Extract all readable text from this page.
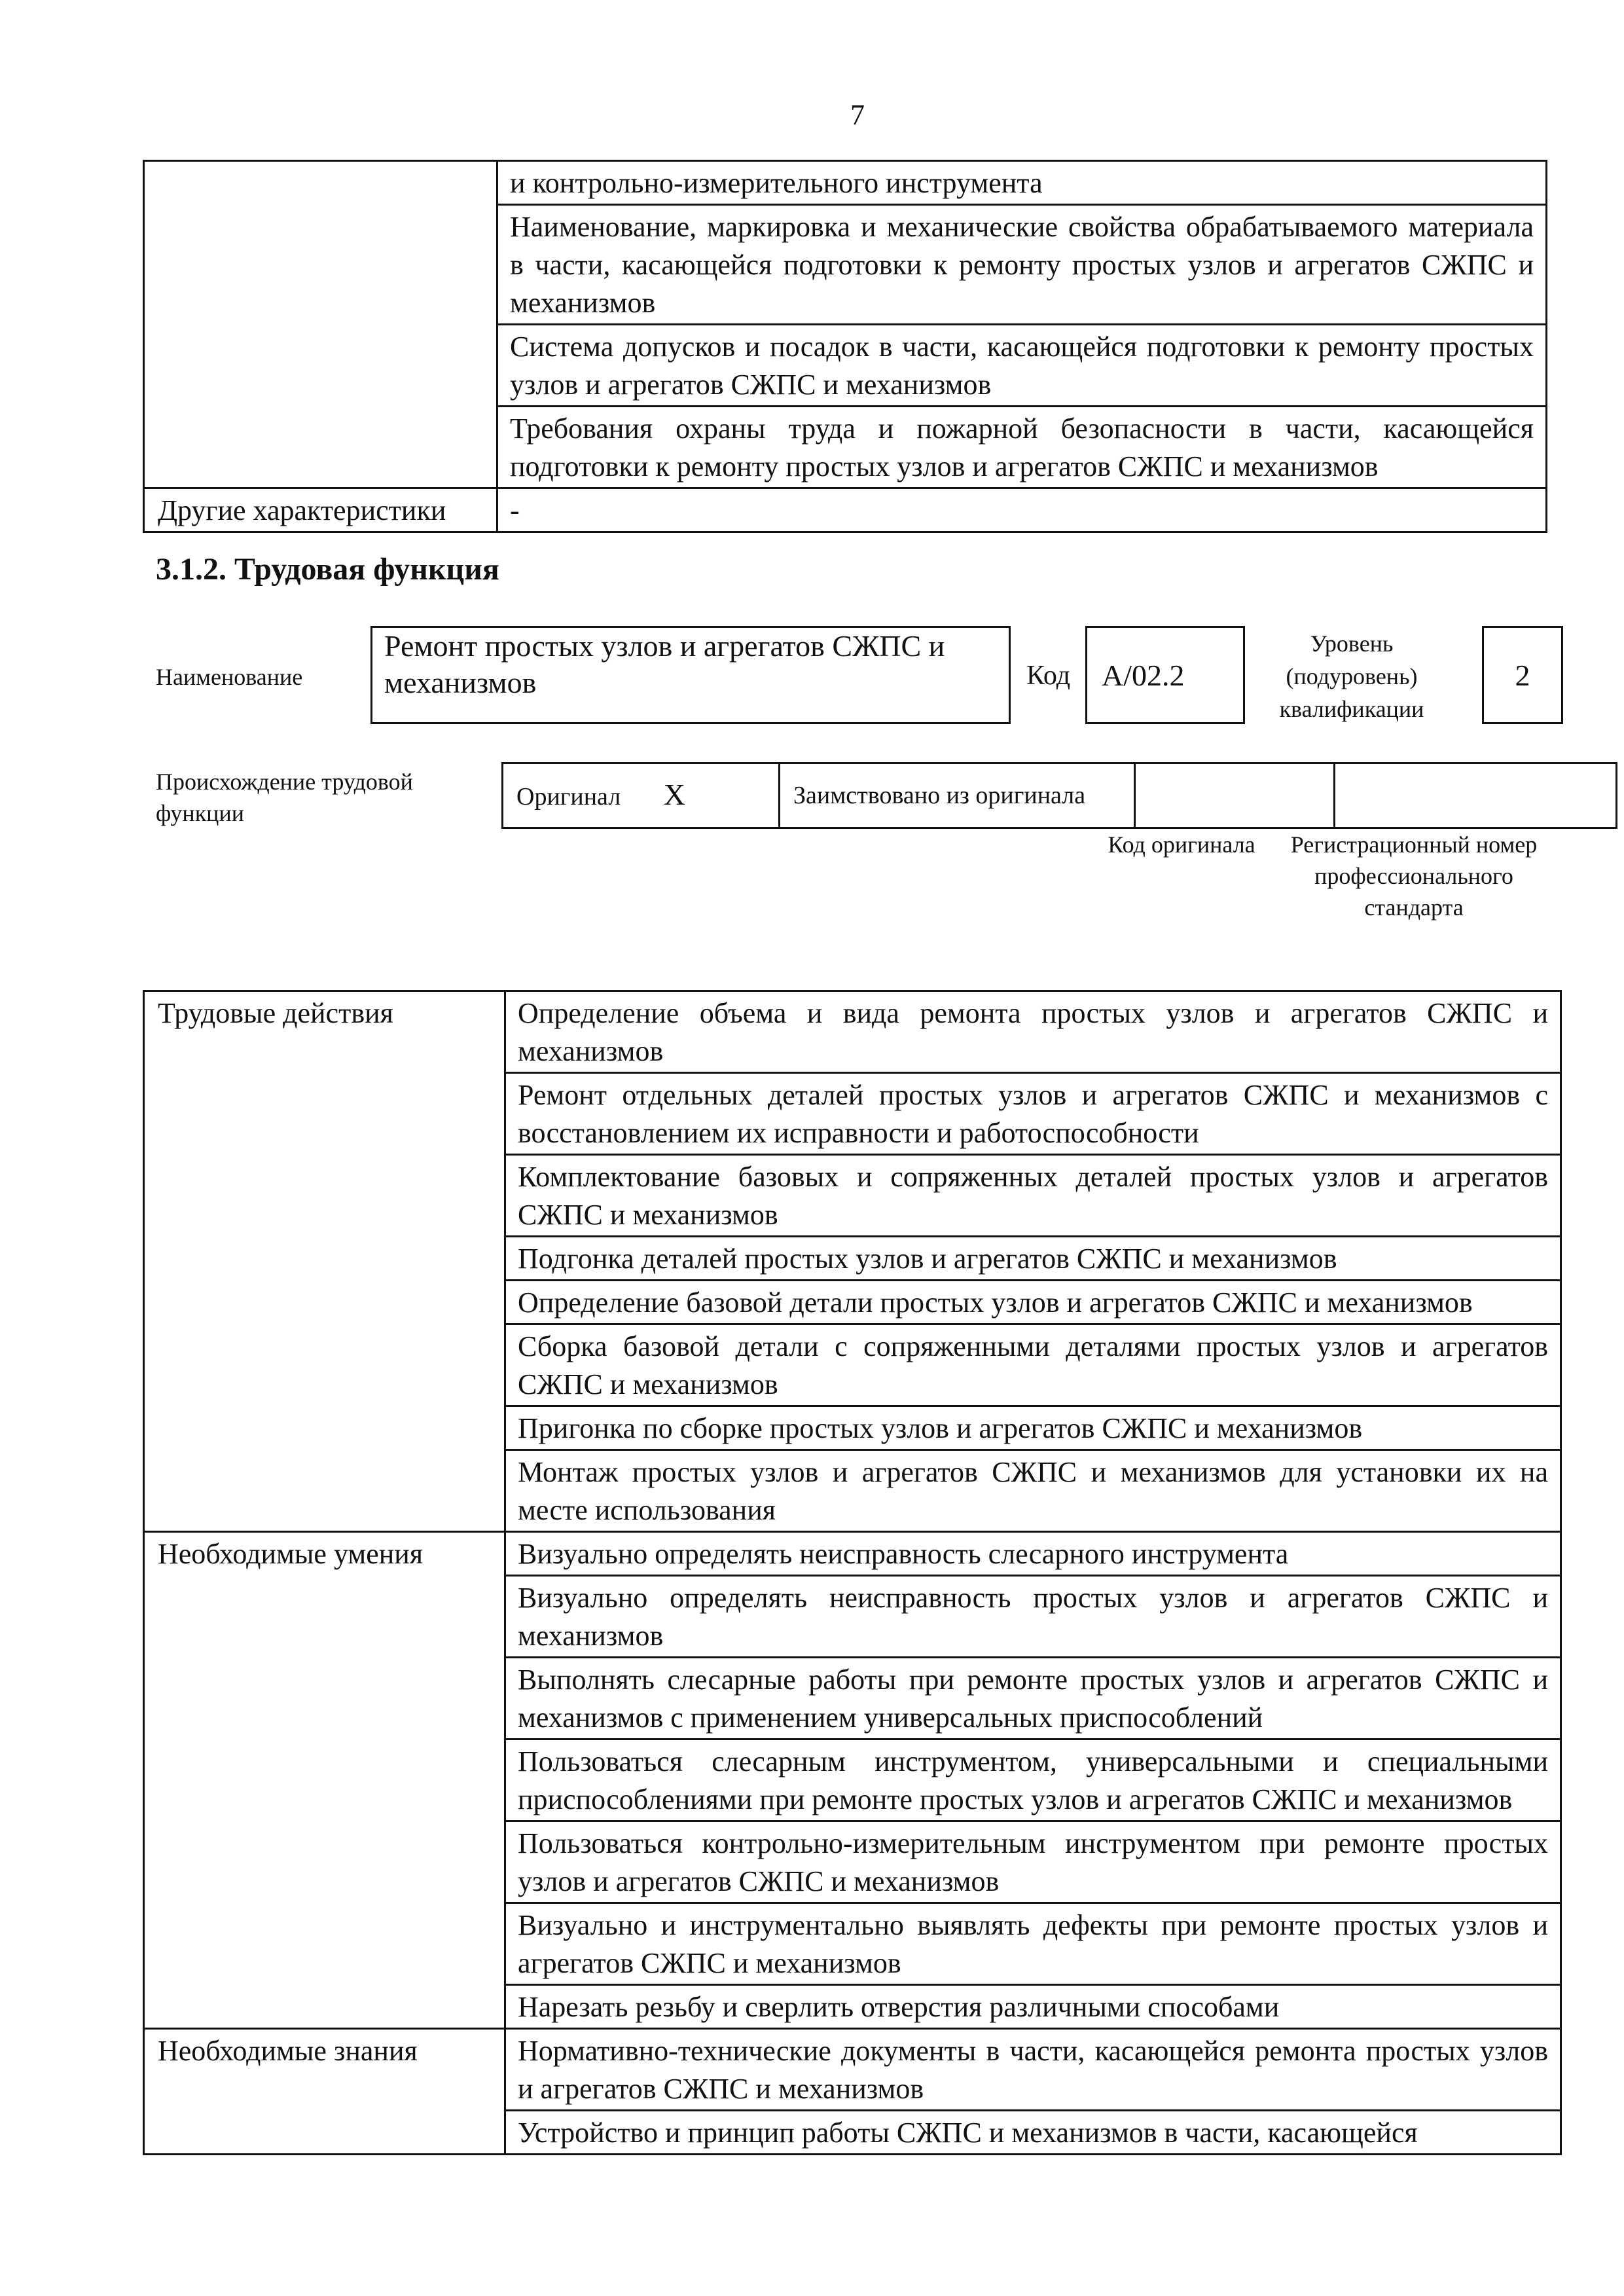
7
	и контрольно-измерительного инструмента
	Наименование, маркировка и механические свойства обрабатываемого материала в части, касающейся подготовки к ремонту простых узлов и агрегатов СЖПС и механизмов
	Система допусков и посадок в части, касающейся подготовки к ремонту простых узлов и агрегатов СЖПС и механизмов
	Требования охраны труда и пожарной безопасности в части, касающейся подготовки к ремонту простых узлов и агрегатов СЖПС и механизмов
Другие характеристики	-
3.1.2. Трудовая функция
Наименование
Ремонт простых узлов и агрегатов СЖПС и механизмов	Код	А/02.2
Уровень (подуровень) квалификации
2
Происхождение трудовой функции
Оригинал X	Заимствовано из оригинала		
Код оригинала	Регистрационный номер профессионального стандарта
Трудовые действия	Определение объема и вида ремонта простых узлов и агрегатов СЖПС и механизмов
	Ремонт отдельных деталей простых узлов и агрегатов СЖПС и механизмов с восстановлением их исправности и работоспособности
	Комплектование базовых и сопряженных деталей простых узлов и агрегатов СЖПС и механизмов
	Подгонка деталей простых узлов и агрегатов СЖПС и механизмов
	Определение базовой детали простых узлов и агрегатов СЖПС и механизмов
	Сборка базовой детали с сопряженными деталями простых узлов и агрегатов СЖПС и механизмов
	Пригонка по сборке простых узлов и агрегатов СЖПС и механизмов
	Монтаж простых узлов и агрегатов СЖПС и механизмов для установки их на месте использования
Необходимые умения	Визуально определять неисправность слесарного инструмента
	Визуально определять неисправность простых узлов и агрегатов СЖПС и механизмов
	Выполнять слесарные работы при ремонте простых узлов и агрегатов СЖПС и механизмов с применением универсальных приспособлений
	Пользоваться слесарным инструментом, универсальными и специальными приспособлениями при ремонте простых узлов и агрегатов СЖПС и механизмов
	Пользоваться контрольно-измерительным инструментом при ремонте простых узлов и агрегатов СЖПС и механизмов
	Визуально и инструментально выявлять дефекты при ремонте простых узлов и агрегатов СЖПС и механизмов
	Нарезать резьбу и сверлить отверстия различными способами
Необходимые знания	Нормативно-технические документы в части, касающейся ремонта простых узлов и агрегатов СЖПС и механизмов
	Устройство и принцип работы СЖПС и механизмов в части, касающейся
